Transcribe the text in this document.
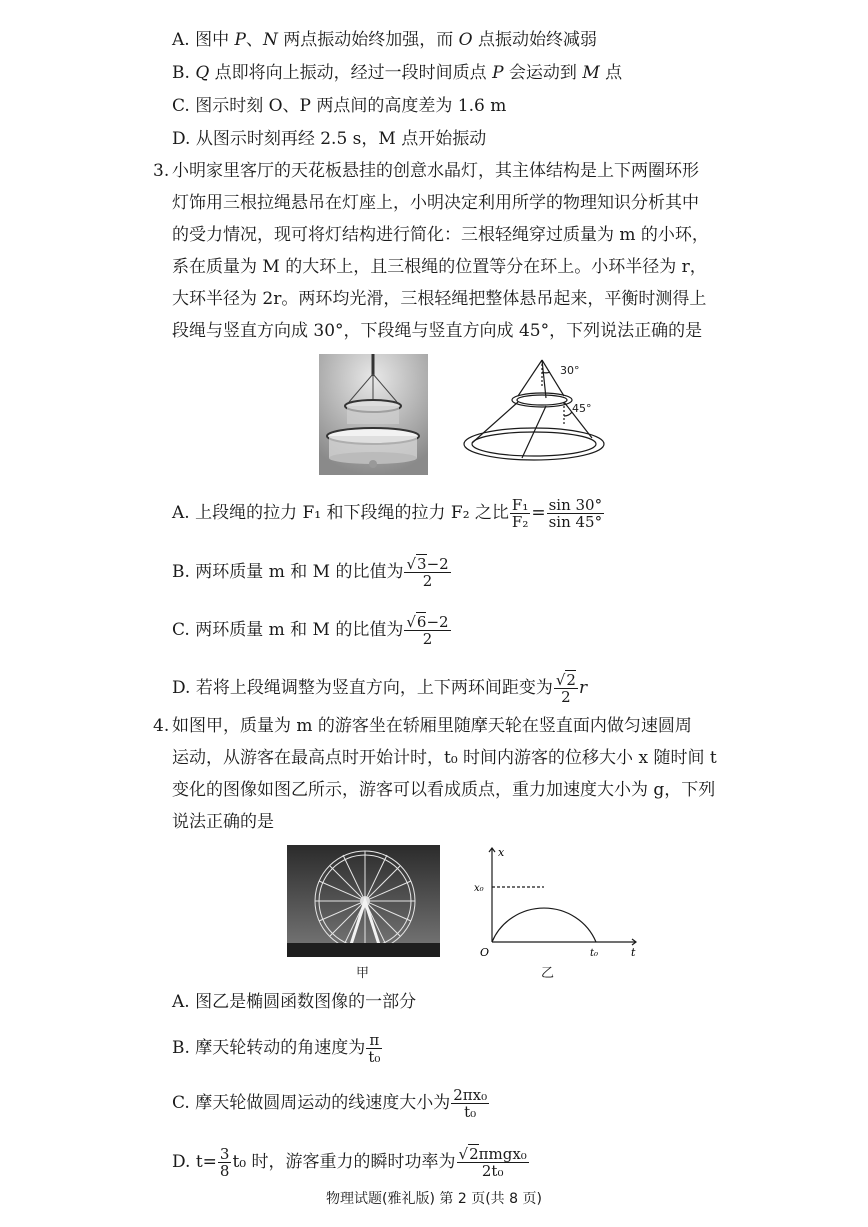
A. 图中 P、N 两点振动始终加强，而 O 点振动始终减弱
B. Q 点即将向上振动，经过一段时间质点 P 会运动到 M 点
C. 图示时刻 O、P 两点间的高度差为 1.6 m
D. 从图示时刻再经 2.5 s，M 点开始振动
3. 小明家里客厅的天花板悬挂的创意水晶灯，其主体结构是上下两圈环形
灯饰用三根拉绳悬吊在灯座上，小明决定利用所学的物理知识分析其中
的受力情况，现可将灯结构进行简化：三根轻绳穿过质量为 m 的小环，
系在质量为 M 的大环上，且三根绳的位置等分在环上。小环半径为 r，
大环半径为 2r。两环均光滑，三根轻绳把整体悬吊起来，平衡时测得上
段绳与竖直方向成 30°，下段绳与竖直方向成 45°，下列说法正确的是
30°
45°
A. 上段绳的拉力 F₁ 和下段绳的拉力 F₂ 之比 $\frac{\text{F₁}}{\text{F₂}} = \frac{\sin 30^\circ}{\sin 45^\circ}$
B. 两环质量 m 和 M 的比值为 $\frac{√3-2}{2}$
C. 两环质量 m 和 M 的比值为 $\frac{√6-2}{2}$
D. 若将上段绳调整为竖直方向，上下两环间距变为 $\frac{√2}{2}$ r
4. 如图甲，质量为 m 的游客坐在轿厢里随摩天轮在竖直面内做匀速圆周
运动，从游客在最高点时开始计时，t₀ 时间内游客的位移大小 x 随时间 t
变化的图像如图乙所示，游客可以看成质点，重力加速度大小为 g，下列
说法正确的是
甲
x
t
O
x₀
t₀
乙
A. 图乙是椭圆函数图像的一部分
B. 摩天轮转动的角速度为 $\frac{\pi}{\text{t₀}}$
C. 摩天轮做圆周运动的线速度大小为 $\frac{\text{2πx₀}}{\text{t₀}}$
D. $t= \frac{3}{8} t_0$ 时，游客重力的瞬时功率为 $\frac{\text{√2πmgx₀}}{\text{2t₀}}$
物理试题(雅礼版) 第 2 页(共 8 页)
